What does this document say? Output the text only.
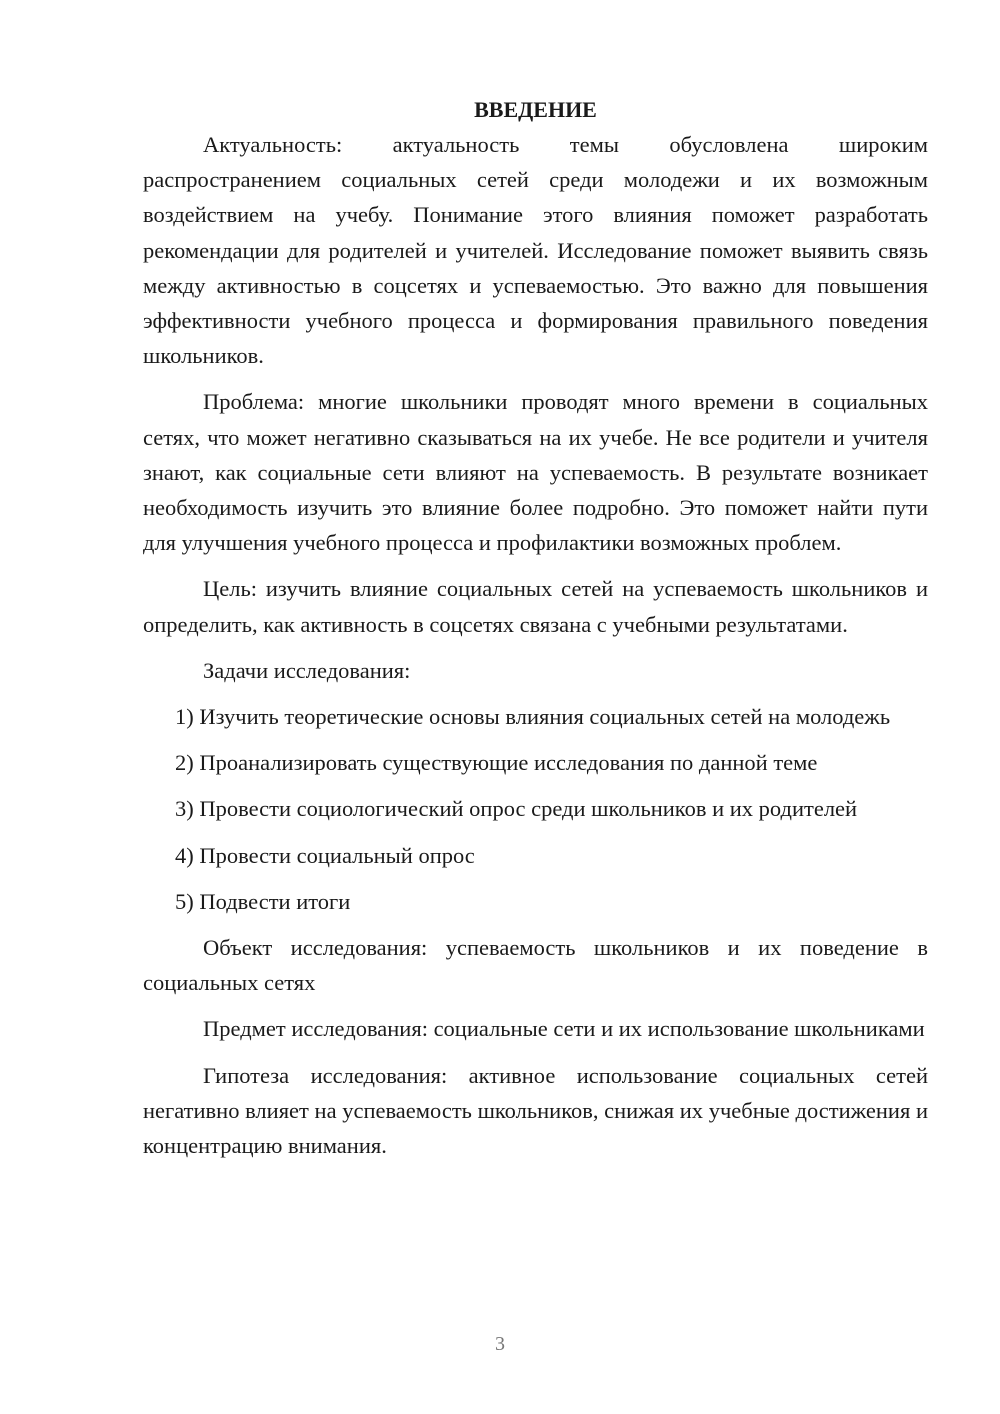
ВВЕДЕНИЕ

Актуальность: актуальность темы обусловлена широким распространением социальных сетей среди молодежи и их возможным воздействием на учебу. Понимание этого влияния поможет разработать рекомендации для родителей и учителей. Исследование поможет выявить связь между активностью в соцсетях и успеваемостью. Это важно для повышения эффективности учебного процесса и формирования правильного поведения школьников.

Проблема: многие школьники проводят много времени в социальных сетях, что может негативно сказываться на их учебе. Не все родители и учителя знают, как социальные сети влияют на успеваемость. В результате возникает необходимость изучить это влияние более подробно. Это поможет найти пути для улучшения учебного процесса и профилактики возможных проблем.

Цель: изучить влияние социальных сетей на успеваемость школьников и определить, как активность в соцсетях связана с учебными результатами.

Задачи исследования:

1) Изучить теоретические основы влияния социальных сетей на молодежь

2) Проанализировать существующие исследования по данной теме

3) Провести социологический опрос среди школьников и их родителей

4) Провести социальный опрос

5) Подвести итоги

Объект исследования: успеваемость школьников и их поведение в социальных сетях

Предмет исследования: социальные сети и их использование школьниками

Гипотеза исследования: активное использование социальных сетей негативно влияет на успеваемость школьников, снижая их учебные достижения и концентрацию внимания.

3
